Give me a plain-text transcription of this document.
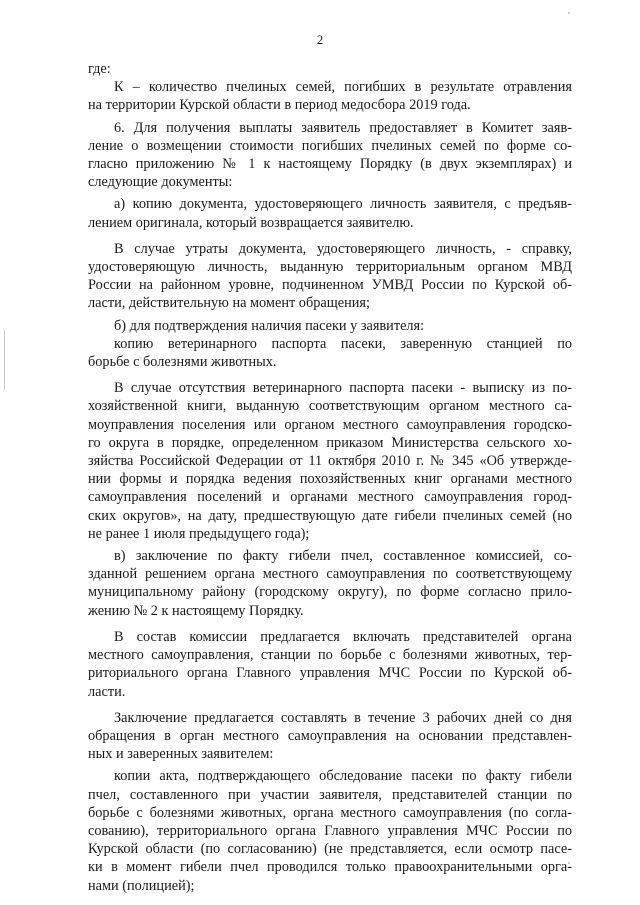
2
где:
К – количество пчелиных семей, погибших в результате отравления
на территории Курской области в период медосбора 2019 года.
6. Для получения выплаты заявитель предоставляет в Комитет заяв-
ление о возмещении стоимости погибших пчелиных семей по форме со-
гласно приложению № 1 к настоящему Порядку (в двух экземплярах) и
следующие документы:
а) копию документа, удостоверяющего личность заявителя, с предъяв-
лением оригинала, который возвращается заявителю.
В случае утраты документа, удостоверяющего личность, - справку,
удостоверяющую личность, выданную территориальным органом МВД
России на районном уровне, подчиненном УМВД России по Курской об-
ласти, действительную на момент обращения;
б) для подтверждения наличия пасеки у заявителя:
копию ветеринарного паспорта пасеки, заверенную станцией по
борьбе с болезнями животных.
В случае отсутствия ветеринарного паспорта пасеки - выписку из по-
хозяйственной книги, выданную соответствующим органом местного са-
моуправления поселения или органом местного самоуправления городско-
го округа в порядке, определенном приказом Министерства сельского хо-
зяйства Российской Федерации от 11 октября 2010 г. № 345 «Об утвержде-
нии формы и порядка ведения похозяйственных книг органами местного
самоуправления поселений и органами местного самоуправления город-
ских округов», на дату, предшествующую дате гибели пчелиных семей (но
не ранее 1 июля предыдущего года);
в) заключение по факту гибели пчел, составленное комиссией, со-
зданной решением органа местного самоуправления по соответствующему
муниципальному району (городскому округу), по форме согласно прило-
жению № 2 к настоящему Порядку.
В состав комиссии предлагается включать представителей органа
местного самоуправления, станции по борьбе с болезнями животных, тер-
риториального органа Главного управления МЧС России по Курской об-
ласти.
Заключение предлагается составлять в течение 3 рабочих дней со дня
обращения в орган местного самоуправления на основании представлен-
ных и заверенных заявителем:
копии акта, подтверждающего обследование пасеки по факту гибели
пчел, составленного при участии заявителя, представителей станции по
борьбе с болезнями животных, органа местного самоуправления (по согла-
сованию), территориального органа Главного управления МЧС России по
Курской области (по согласованию) (не представляется, если осмотр пасе-
ки в момент гибели пчел проводился только правоохранительными орга-
нами (полицией);
